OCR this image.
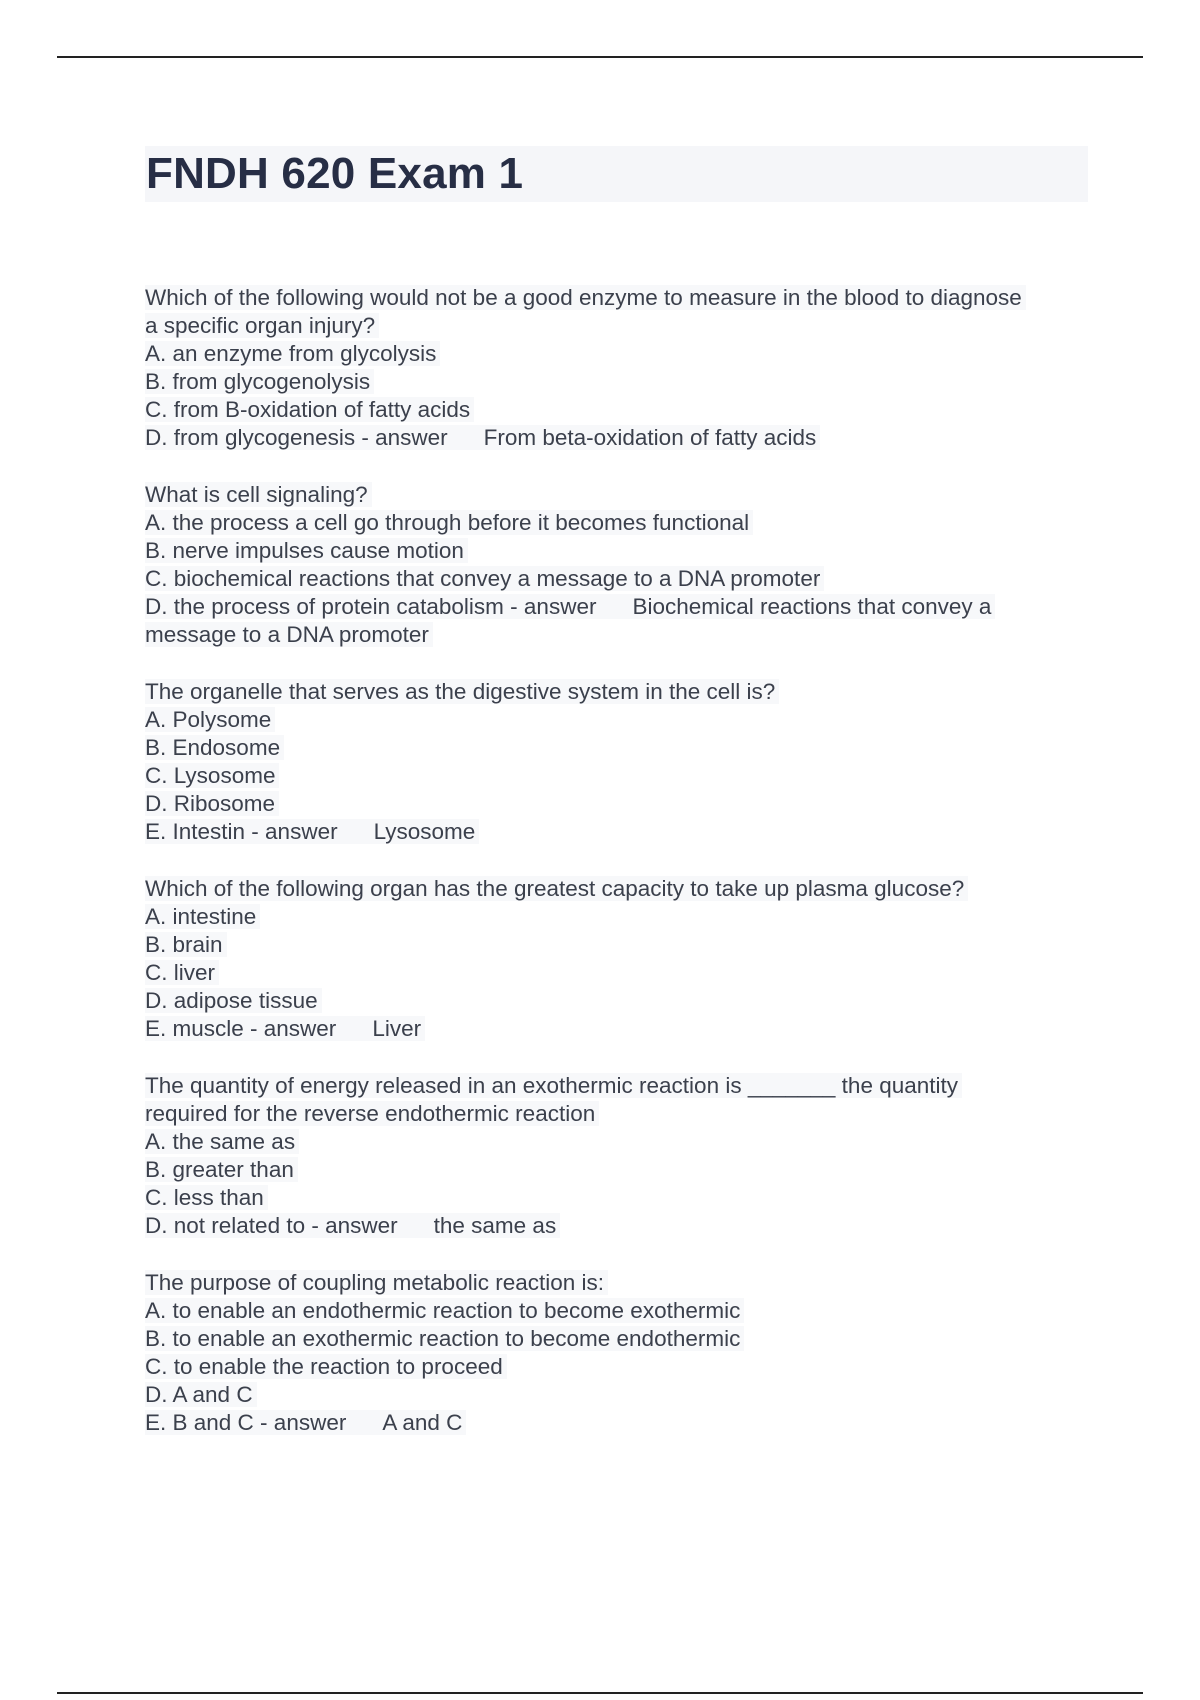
FNDH 620 Exam 1
Which of the following would not be a good enzyme to measure in the blood to diagnose
a specific organ injury?
A. an enzyme from glycolysis
B. from glycogenolysis
C. from B-oxidation of fatty acids
D. from glycogenesis - answer From beta-oxidation of fatty acids
What is cell signaling?
A. the process a cell go through before it becomes functional
B. nerve impulses cause motion
C. biochemical reactions that convey a message to a DNA promoter
D. the process of protein catabolism - answer Biochemical reactions that convey a
message to a DNA promoter
The organelle that serves as the digestive system in the cell is?
A. Polysome
B. Endosome
C. Lysosome
D. Ribosome
E. Intestin - answer Lysosome
Which of the following organ has the greatest capacity to take up plasma glucose?
A. intestine
B. brain
C. liver
D. adipose tissue
E. muscle - answer Liver
The quantity of energy released in an exothermic reaction is _______ the quantity
required for the reverse endothermic reaction
A. the same as
B. greater than
C. less than
D. not related to - answer the same as
The purpose of coupling metabolic reaction is:
A. to enable an endothermic reaction to become exothermic
B. to enable an exothermic reaction to become endothermic
C. to enable the reaction to proceed
D. A and C
E. B and C - answer A and C
